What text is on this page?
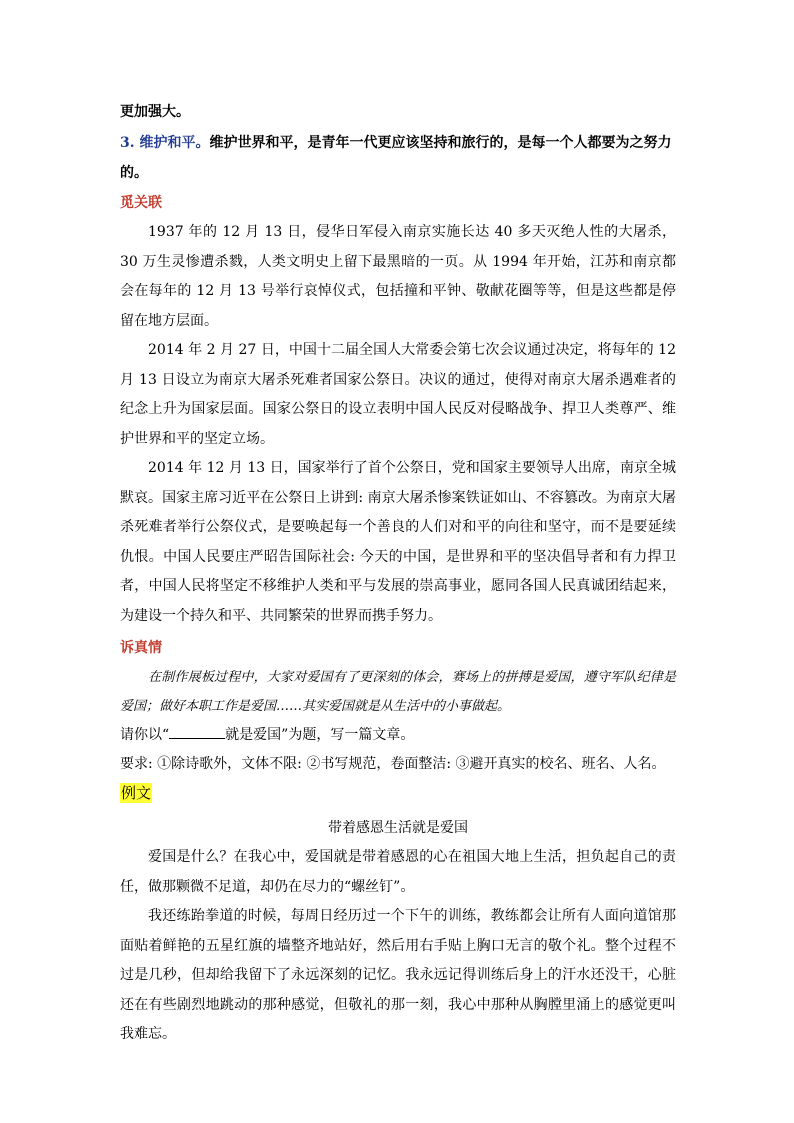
更加强大。

3. 维护和平。维护世界和平，是青年一代更应该坚持和旅行的，是每一个人都要为之努力的。

觅关联

1937 年的 12 月 13 日，侵华日军侵入南京实施长达 40 多天灭绝人性的大屠杀，30 万生灵惨遭杀戮，人类文明史上留下最黑暗的一页。从 1994 年开始，江苏和南京都会在每年的 12 月 13 号举行哀悼仪式，包括撞和平钟、敬献花圈等等，但是这些都是停留在地方层面。

2014 年 2 月 27 日，中国十二届全国人大常委会第七次会议通过决定，将每年的 12 月 13 日设立为南京大屠杀死难者国家公祭日。决议的通过，使得对南京大屠杀遇难者的纪念上升为国家层面。国家公祭日的设立表明中国人民反对侵略战争、捍卫人类尊严、维护世界和平的坚定立场。

2014 年 12 月 13 日，国家举行了首个公祭日，党和国家主要领导人出席，南京全城默哀。国家主席习近平在公祭日上讲到: 南京大屠杀惨案铁证如山、不容篡改。为南京大屠杀死难者举行公祭仪式，是要唤起每一个善良的人们对和平的向往和坚守，而不是要延续仇恨。中国人民要庄严昭告国际社会: 今天的中国，是世界和平的坚决倡导者和有力捍卫者，中国人民将坚定不移维护人类和平与发展的崇高事业，愿同各国人民真诚团结起来，为建设一个持久和平、共同繁荣的世界而携手努力。

诉真情

在制作展板过程中，大家对爱国有了更深刻的体会，赛场上的拼搏是爱国，遵守军队纪律是爱国；做好本职工作是爱国……其实爱国就是从生活中的小事做起。

请你以“	就是爱国”为题，写一篇文章。

要求: ①除诗歌外，文体不限: ②书写规范，卷面整洁: ③避开真实的校名、班名、人名。

例文

带着感恩生活就是爱国

爱国是什么？在我心中，爱国就是带着感恩的心在祖国大地上生活，担负起自己的责任，做那颗微不足道，却仍在尽力的“螺丝钉”。

我还练跆拳道的时候，每周日经历过一个下午的训练，教练都会让所有人面向道馆那面贴着鲜艳的五星红旗的墙整齐地站好，然后用右手贴上胸口无言的敬个礼。整个过程不过是几秒，但却给我留下了永远深刻的记忆。我永远记得训练后身上的汗水还没干，心脏还在有些剧烈地跳动的那种感觉，但敬礼的那一刻，我心中那种从胸膛里涌上的感觉更叫我难忘。
